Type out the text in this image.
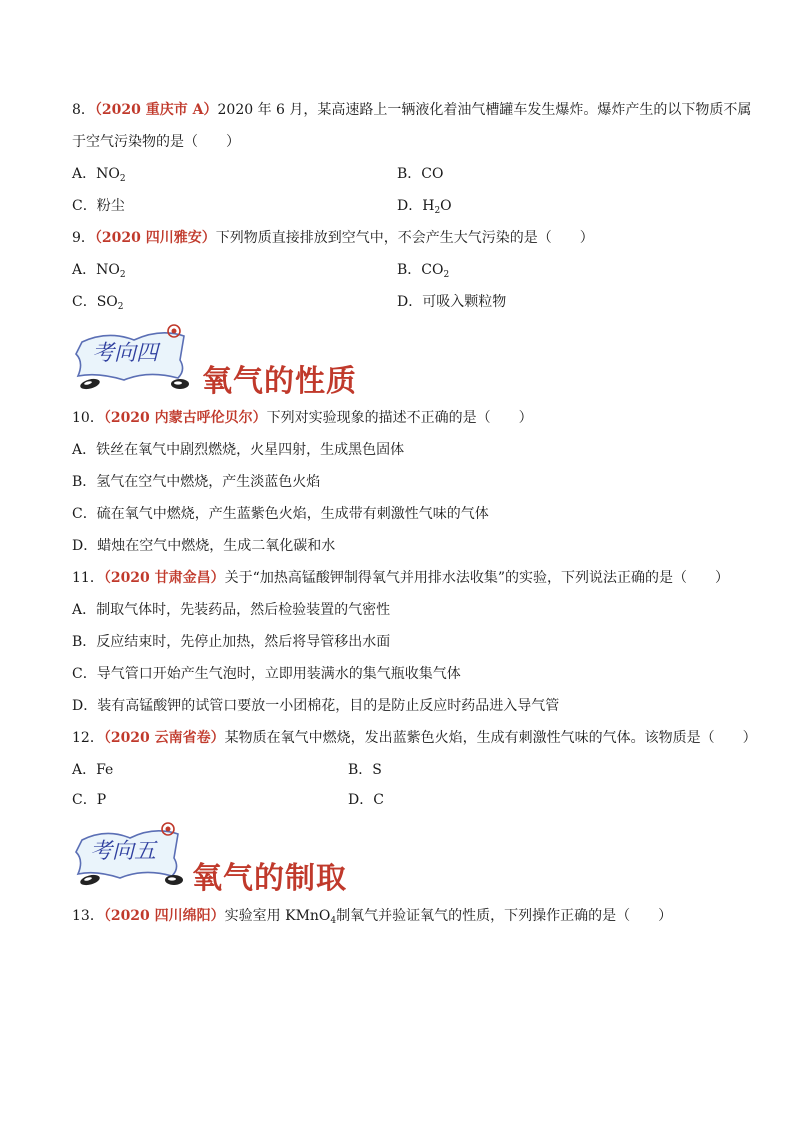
8．（2020 重庆市 A）2020 年 6 月，某高速路上一辆液化着油气槽罐车发生爆炸。爆炸产生的以下物质不属
于空气污染物的是（　　）
A．$NO_2$	B．CO
C．粉尘	D．$H_2O$
9．（2020 四川雅安）下列物质直接排放到空气中，不会产生大气污染的是（　　）
A．$NO_2$	B．$CO_2$
C．$SO_2$	D．可吸入颗粒物
考向四
氧气的性质
10．（2020 内蒙古呼伦贝尔）下列对实验现象的描述不正确的是（　　）
A．铁丝在氧气中剧烈燃烧，火星四射，生成黑色固体
B．氢气在空气中燃烧，产生淡蓝色火焰
C．硫在氧气中燃烧，产生蓝紫色火焰，生成带有刺激性气味的气体
D．蜡烛在空气中燃烧，生成二氧化碳和水
11．（2020 甘肃金昌）关于“加热高锰酸钾制得氧气并用排水法收集”的实验，下列说法正确的是（　　）
A．制取气体时，先装药品，然后检验装置的气密性
B．反应结束时，先停止加热，然后将导管移出水面
C．导气管口开始产生气泡时，立即用装满水的集气瓶收集气体
D．装有高锰酸钾的试管口要放一小团棉花，目的是防止反应时药品进入导气管
12．（2020 云南省卷）某物质在氧气中燃烧，发出蓝紫色火焰，生成有刺激性气味的气体。该物质是（　　）
A．Fe	B．S
C．P	D．C
考向五
氧气的制取
13．（2020 四川绵阳）实验室用 KMnO$_4$制氧气并验证氧气的性质，下列操作正确的是（　　）
